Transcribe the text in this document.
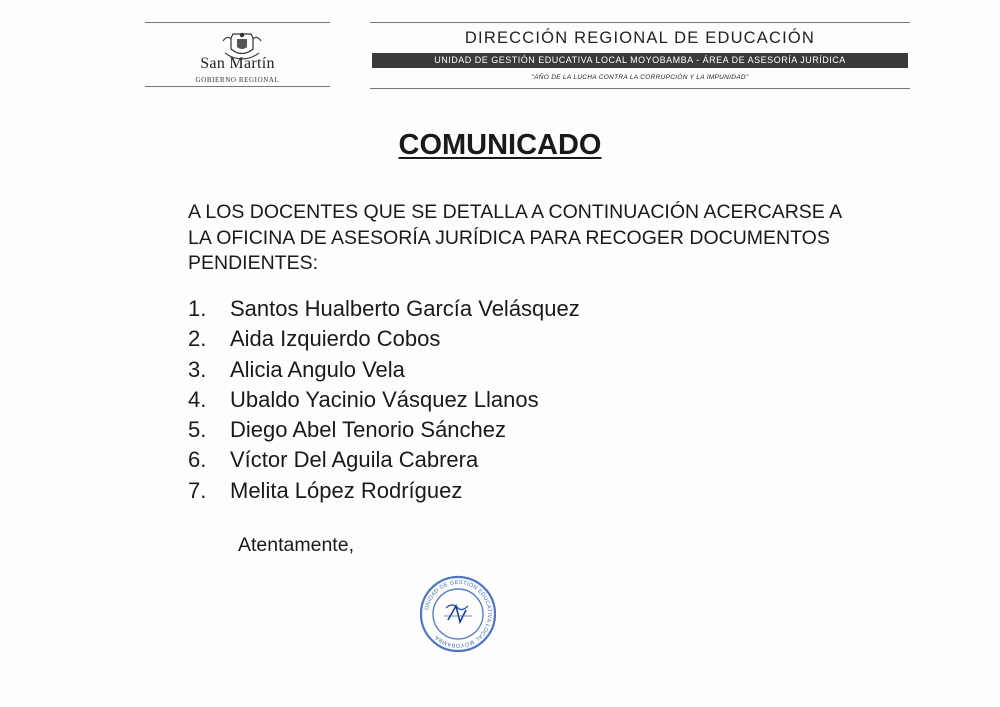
San Martín
GOBIERNO REGIONAL
DIRECCIÓN REGIONAL DE EDUCACIÓN
UNIDAD DE GESTIÓN EDUCATIVA LOCAL MOYOBAMBA - ÁREA DE ASESORÍA JURÍDICA
"AÑO DE LA LUCHA CONTRA LA CORRUPCIÓN Y LA IMPUNIDAD"
COMUNICADO
A LOS DOCENTES QUE SE DETALLA A CONTINUACIÓN ACERCARSE A
LA OFICINA DE ASESORÍA JURÍDICA PARA RECOGER DOCUMENTOS
PENDIENTES:
1.	Santos Hualberto García Velásquez
2.	Aida Izquierdo Cobos
3.	Alicia Angulo Vela
4.	Ubaldo Yacinio Vásquez Llanos
5.	Diego Abel Tenorio Sánchez
6.	Víctor Del Aguila Cabrera
7.	Melita López Rodríguez
Atentamente,
UNIDAD DE GESTIÓN EDUCATIVA LOCAL MOYOBAMBA
